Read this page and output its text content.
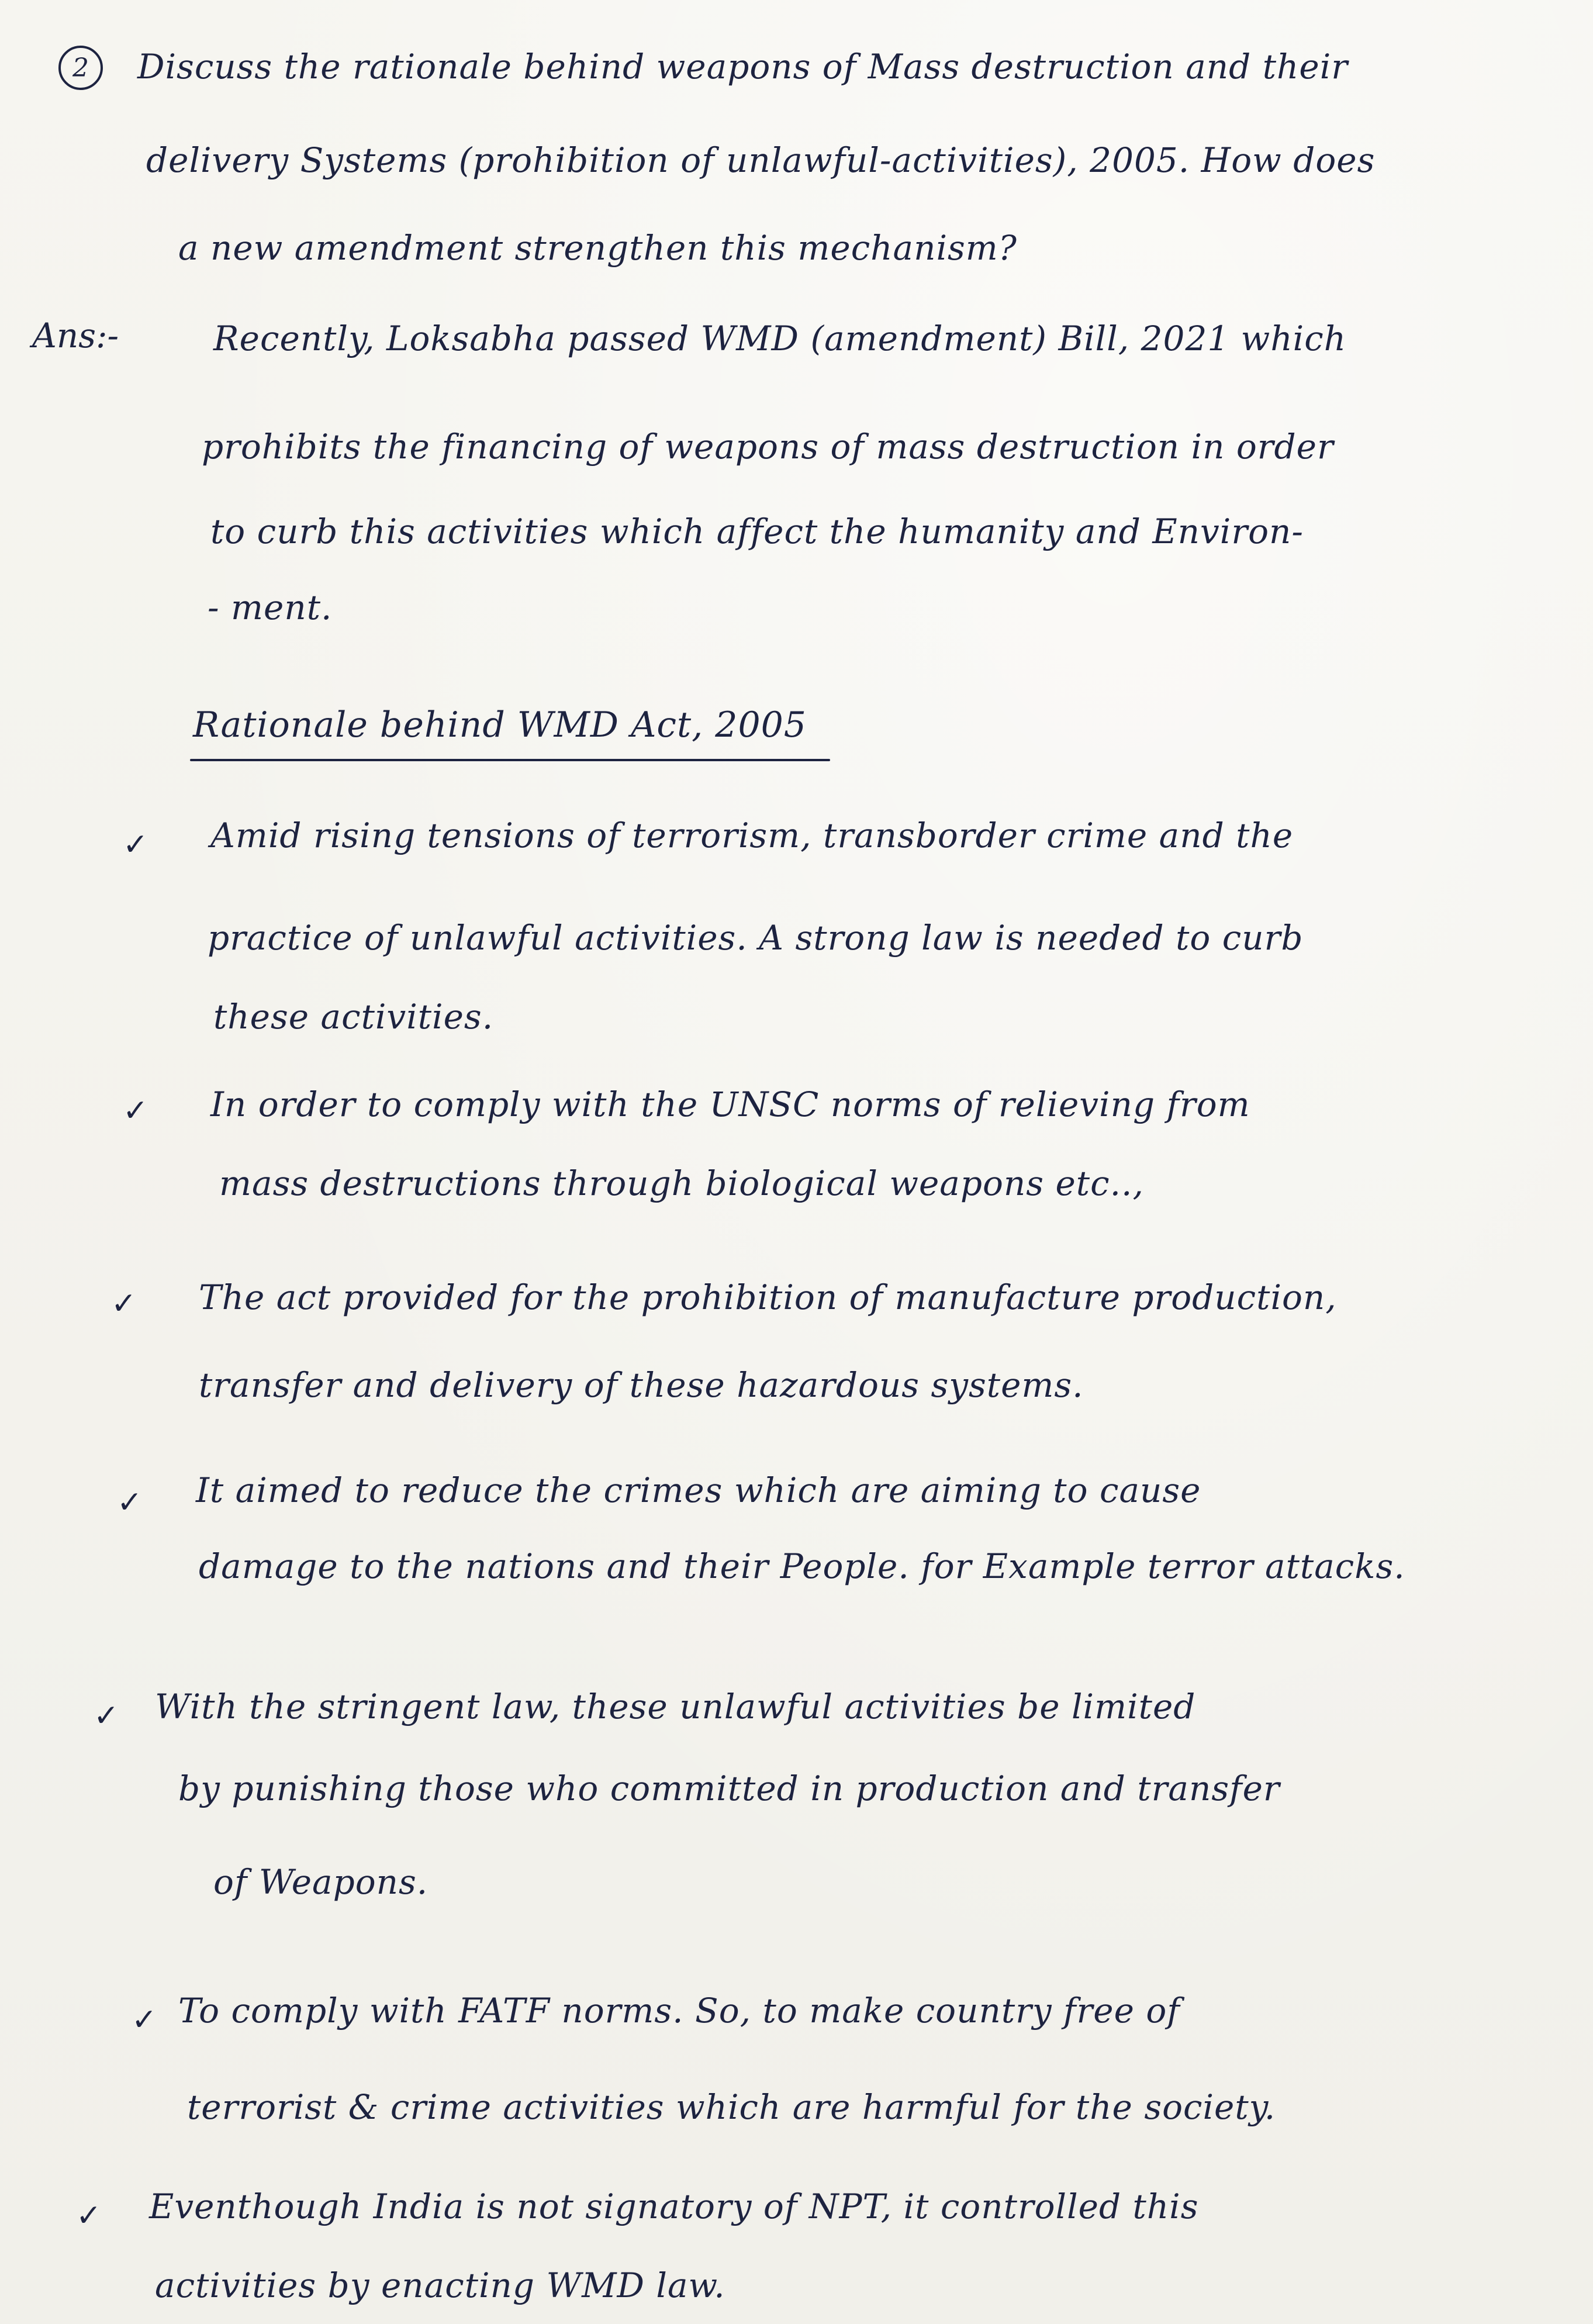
2	Discuss the rationale behind weapons of Mass destruction and their
delivery Systems (prohibition of unlawful-activities), 2005. How does
a new amendment strengthen this mechanism?
Ans:-	Recently, Loksabha passed WMD (amendment) Bill, 2021 which
prohibits the financing of weapons of mass destruction in order
to curb this activities which affect the humanity and Environ-
- ment.
Rationale behind WMD Act, 2005
✓ Amid rising tensions of terrorism, transborder crime and the
practice of unlawful activities. A strong law is needed to curb
these activities.
✓ In order to comply with the UNSC norms of relieving from
mass destructions through biological weapons etc..,
✓ The act provided for the prohibition of manufacture production,
transfer and delivery of these hazardous systems.
✓ It aimed to reduce the crimes which are aiming to cause
damage to the nations and their People. for Example terror attacks.
✓ With the stringent law, these unlawful activities be limited
by punishing those who committed in production and transfer
of Weapons.
✓ To comply with FATF norms. So, to make country free of
terrorist & crime activities which are harmful for the society.
✓ Eventhough India is not signatory of NPT, it controlled this
activities by enacting WMD law.
